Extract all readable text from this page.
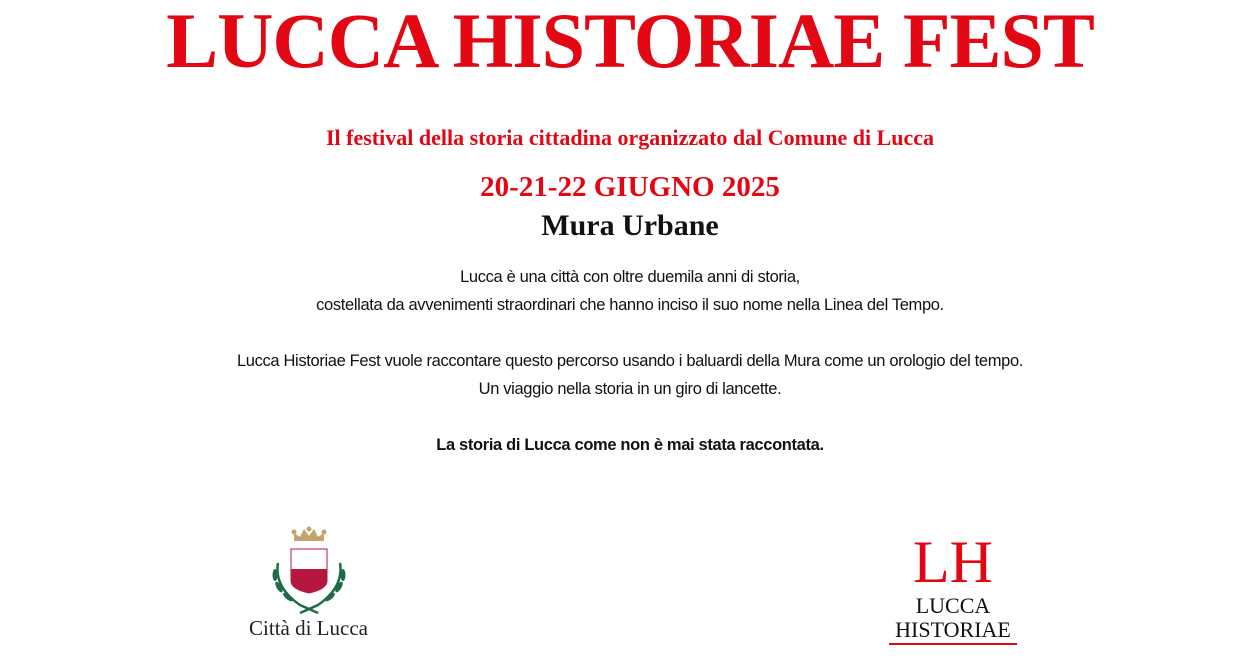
LUCCA HISTORIAE FEST
Il festival della storia cittadina organizzato dal Comune di Lucca
20-21-22 GIUGNO 2025
Mura Urbane
Lucca è una città con oltre duemila anni di storia,
costellata da avvenimenti straordinari che hanno inciso il suo nome nella Linea del Tempo.
Lucca Historiae Fest vuole raccontare questo percorso usando i baluardi della Mura come un orologio del tempo.
Un viaggio nella storia in un giro di lancette.
La storia di Lucca come non è mai stata raccontata.
Città di Lucca
LH
LUCCA
HISTORIAE
